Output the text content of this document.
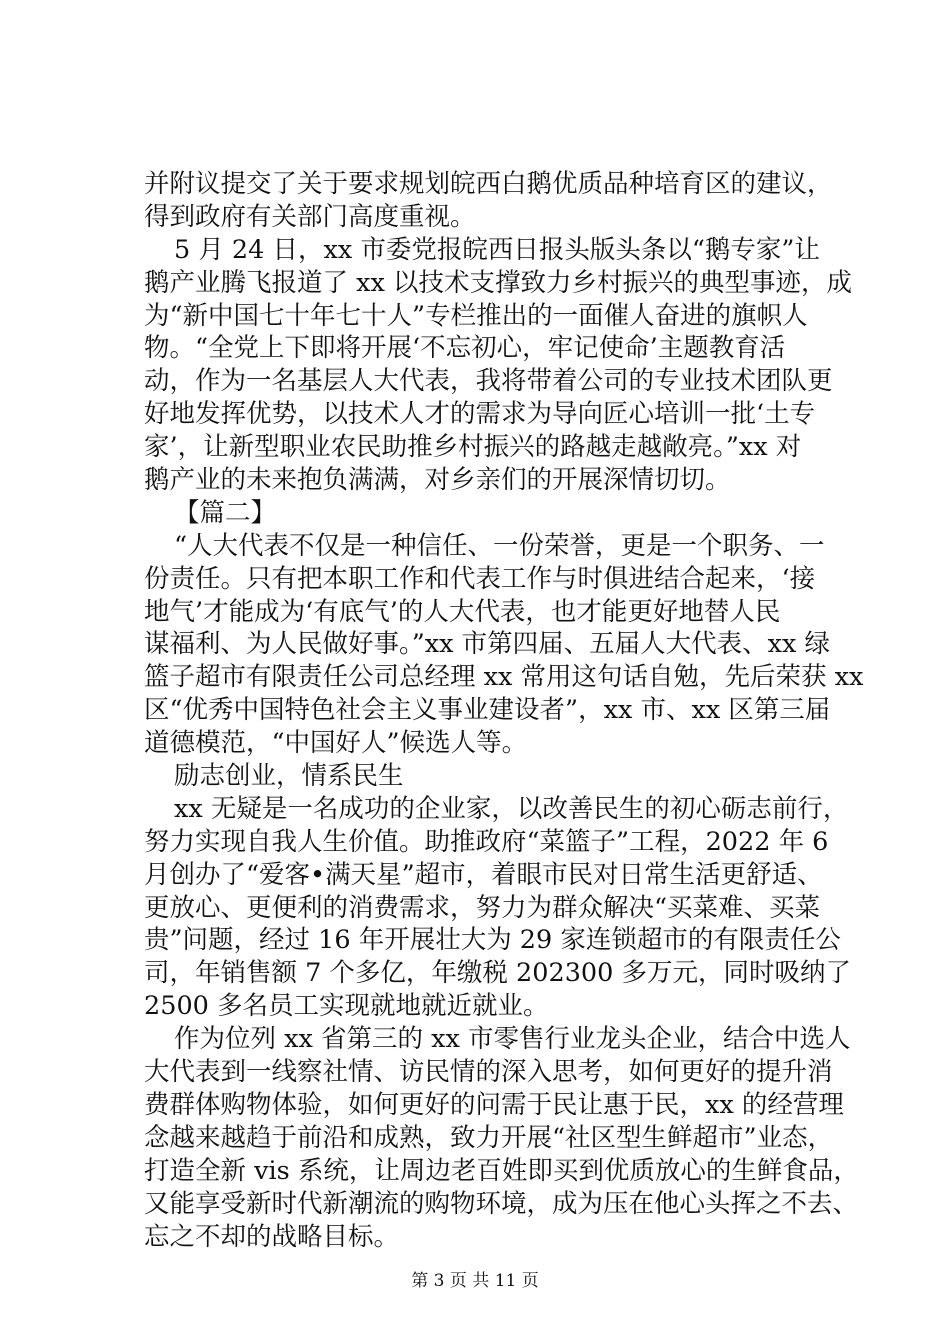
并附议提交了关于要求规划皖西白鹅优质品种培育区的建议，
得到政府有关部门高度重视。
5 月 24 日，xx 市委党报皖西日报头版头条以“鹅专家”让
鹅产业腾飞报道了 xx 以技术支撑致力乡村振兴的典型事迹，成
为“新中国七十年七十人”专栏推出的一面催人奋进的旗帜人
物。“全党上下即将开展‘不忘初心，牢记使命’主题教育活
动，作为一名基层人大代表，我将带着公司的专业技术团队更
好地发挥优势，以技术人才的需求为导向匠心培训一批‘土专
家’，让新型职业农民助推乡村振兴的路越走越敞亮。”xx 对
鹅产业的未来抱负满满，对乡亲们的开展深情切切。
【篇二】
“人大代表不仅是一种信任、一份荣誉，更是一个职务、一
份责任。只有把本职工作和代表工作与时俱进结合起来，‘接
地气’才能成为‘有底气’的人大代表，也才能更好地替人民
谋福利、为人民做好事。”xx 市第四届、五届人大代表、xx 绿
篮子超市有限责任公司总经理 xx 常用这句话自勉，先后荣获 xx
区“优秀中国特色社会主义事业建设者”，xx 市、xx 区第三届
道德模范，“中国好人”候选人等。
励志创业，情系民生
xx 无疑是一名成功的企业家，以改善民生的初心砺志前行，
努力实现自我人生价值。助推政府“菜篮子”工程，2022 年 6
月创办了“爱客•满天星”超市，着眼市民对日常生活更舒适、
更放心、更便利的消费需求，努力为群众解决“买菜难、买菜
贵”问题，经过 16 年开展壮大为 29 家连锁超市的有限责任公
司，年销售额 7 个多亿，年缴税 202300 多万元，同时吸纳了
2500 多名员工实现就地就近就业。
作为位列 xx 省第三的 xx 市零售行业龙头企业，结合中选人
大代表到一线察社情、访民情的深入思考，如何更好的提升消
费群体购物体验，如何更好的问需于民让惠于民，xx 的经营理
念越来越趋于前沿和成熟，致力开展“社区型生鲜超市”业态，
打造全新 vis 系统，让周边老百姓即买到优质放心的生鲜食品，
又能享受新时代新潮流的购物环境，成为压在他心头挥之不去、
忘之不却的战略目标。
第 3 页 共 11 页
